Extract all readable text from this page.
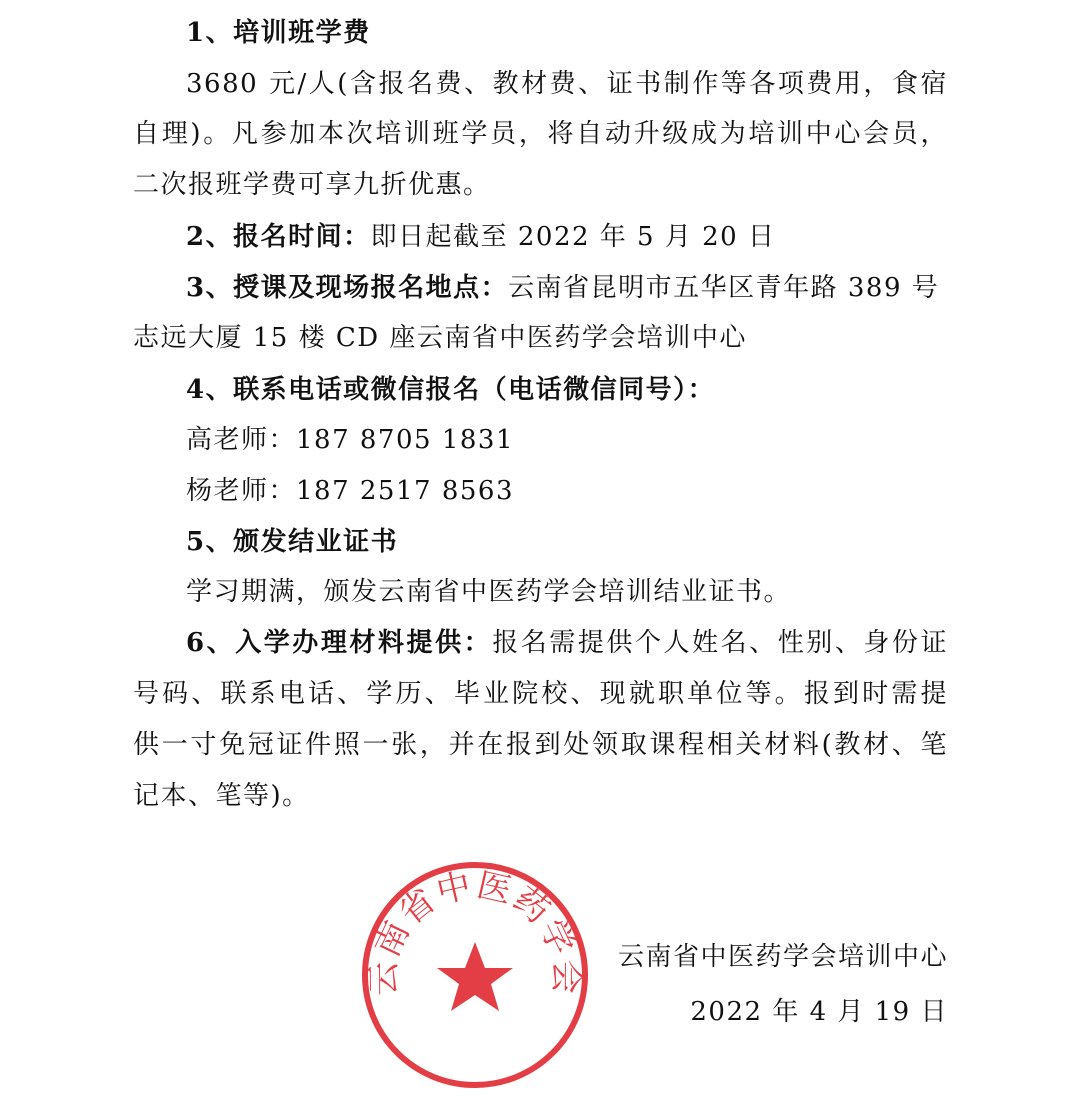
1、培训班学费
3680 元/人(含报名费、教材费、证书制作等各项费用，食宿
自理)。凡参加本次培训班学员，将自动升级成为培训中心会员，
二次报班学费可享九折优惠。
2、报名时间：即日起截至 2022 年 5 月 20 日
3、授课及现场报名地点：云南省昆明市五华区青年路 389 号
志远大厦 15 楼 CD 座云南省中医药学会培训中心
4、联系电话或微信报名（电话微信同号）：
高老师：187 8705 1831
杨老师：187 2517 8563
5、颁发结业证书
学习期满，颁发云南省中医药学会培训结业证书。
6、入学办理材料提供：报名需提供个人姓名、性别、身份证
号码、联系电话、学历、毕业院校、现就职单位等。报到时需提
供一寸免冠证件照一张，并在报到处领取课程相关材料(教材、笔
记本、笔等)。
云南省中医药学会
云南省中医药学会培训中心
2022 年 4 月 19 日
